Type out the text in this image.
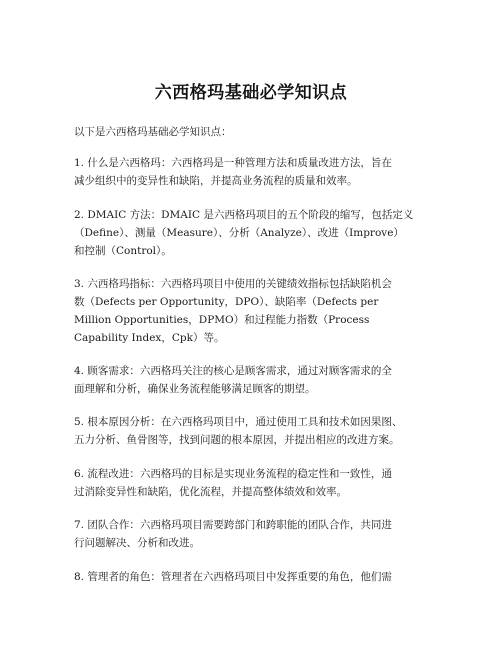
六西格玛基础必学知识点
以下是六西格玛基础必学知识点：
1. 什么是六西格玛：六西格玛是一种管理方法和质量改进方法，旨在
减少组织中的变异性和缺陷，并提高业务流程的质量和效率。
2. DMAIC 方法：DMAIC 是六西格玛项目的五个阶段的缩写，包括定义
（Define）、测量（Measure）、分析（Analyze）、改进（Improve）
和控制（Control）。
3. 六西格玛指标：六西格玛项目中使用的关键绩效指标包括缺陷机会
数（Defects per Opportunity，DPO）、缺陷率（Defects per
Million Opportunities，DPMO）和过程能力指数（Process
Capability Index，Cpk）等。
4. 顾客需求：六西格玛关注的核心是顾客需求，通过对顾客需求的全
面理解和分析，确保业务流程能够满足顾客的期望。
5. 根本原因分析：在六西格玛项目中，通过使用工具和技术如因果图、
五力分析、鱼骨图等，找到问题的根本原因，并提出相应的改进方案。
6. 流程改进：六西格玛的目标是实现业务流程的稳定性和一致性，通
过消除变异性和缺陷，优化流程，并提高整体绩效和效率。
7. 团队合作：六西格玛项目需要跨部门和跨职能的团队合作，共同进
行问题解决、分析和改进。
8. 管理者的角色：管理者在六西格玛项目中发挥重要的角色，他们需
